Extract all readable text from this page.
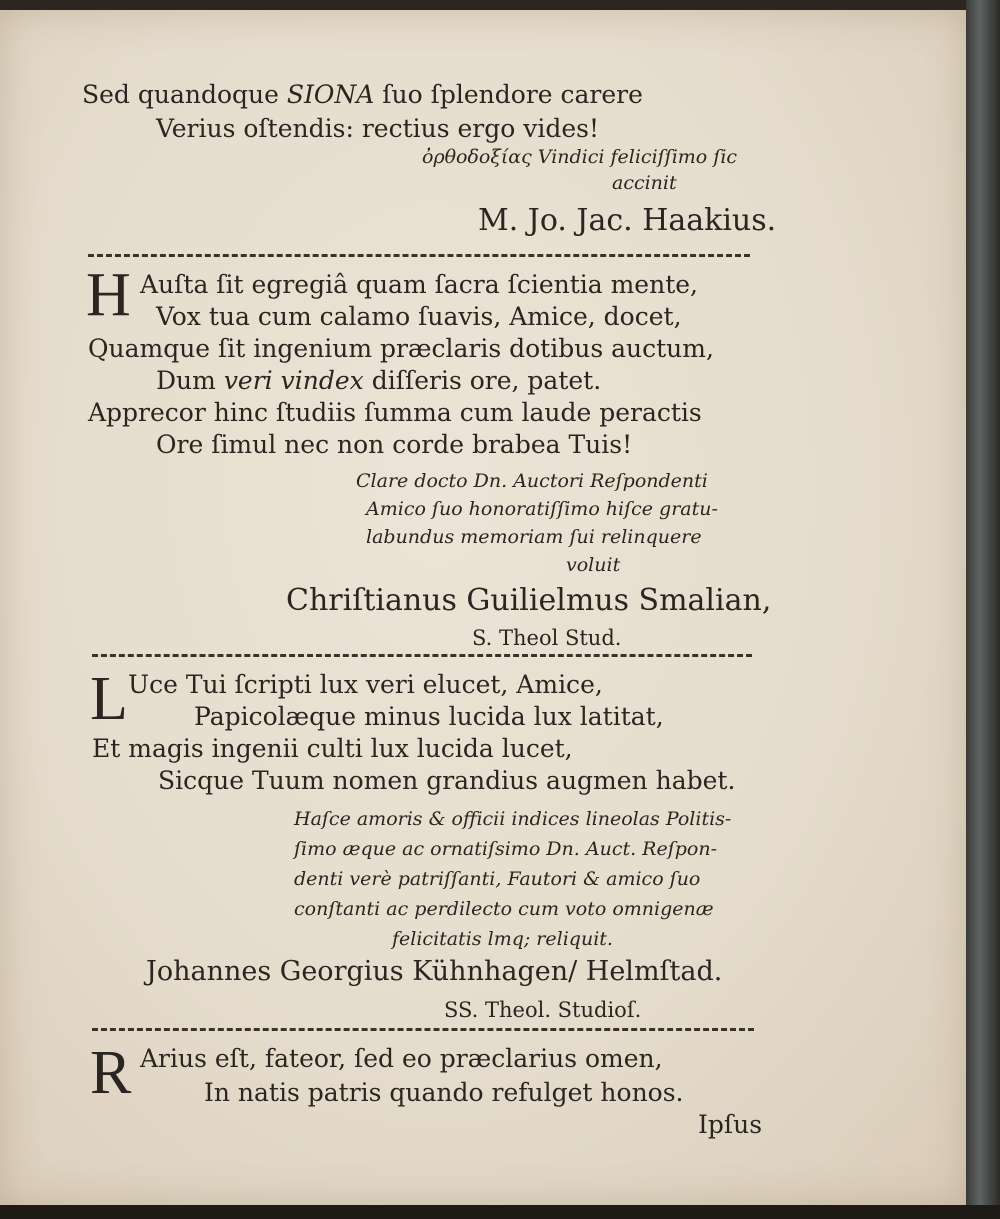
Sed quandoque SIONA ſuo ſplendore carere
Verius oſtendis: rectius ergo vides!
ὀρθοδοξίας Vindici feliciſſimo ſic
accinit
M. Jo. Jac. Haakius.
H Auſta ſit egregiâ quam ſacra ſcientia mente,
Vox tua cum calamo ſuavis, Amice, docet,
Quamque ſit ingenium præclaris dotibus auctum,
Dum veri vindex diſſeris ore, patet.
Apprecor hinc ſtudiis ſumma cum laude peractis
Ore ſimul nec non corde brabea Tuis!
Clare docto Dn. Auctori Reſpondenti
Amico ſuo honoratiſſimo hiſce gratu-
labundus memoriam ſui relinquere
voluit
Chriſtianus Guilielmus Smalian,
S. Theol Stud.
L Uce Tui ſcripti lux veri elucet, Amice,
Papicolæque minus lucida lux latitat,
Et magis ingenii culti lux lucida lucet,
Sicque Tuum nomen grandius augmen habet.
Haſce amoris & officii indices lineolas Politis-
ſimo æque ac ornatiſsimo Dn. Auct. Reſpon-
denti verè patriſſanti, Fautori & amico ſuo
conſtanti ac perdilecto cum voto omnigenæ
felicitatis lmq; reliquit.
Johannes Georgius Kühnhagen/ Helmſtad.
SS. Theol. Studioſ.
R Arius eſt, fateor, ſed eo præclarius omen,
In natis patris quando refulget honos.
Ipſus
